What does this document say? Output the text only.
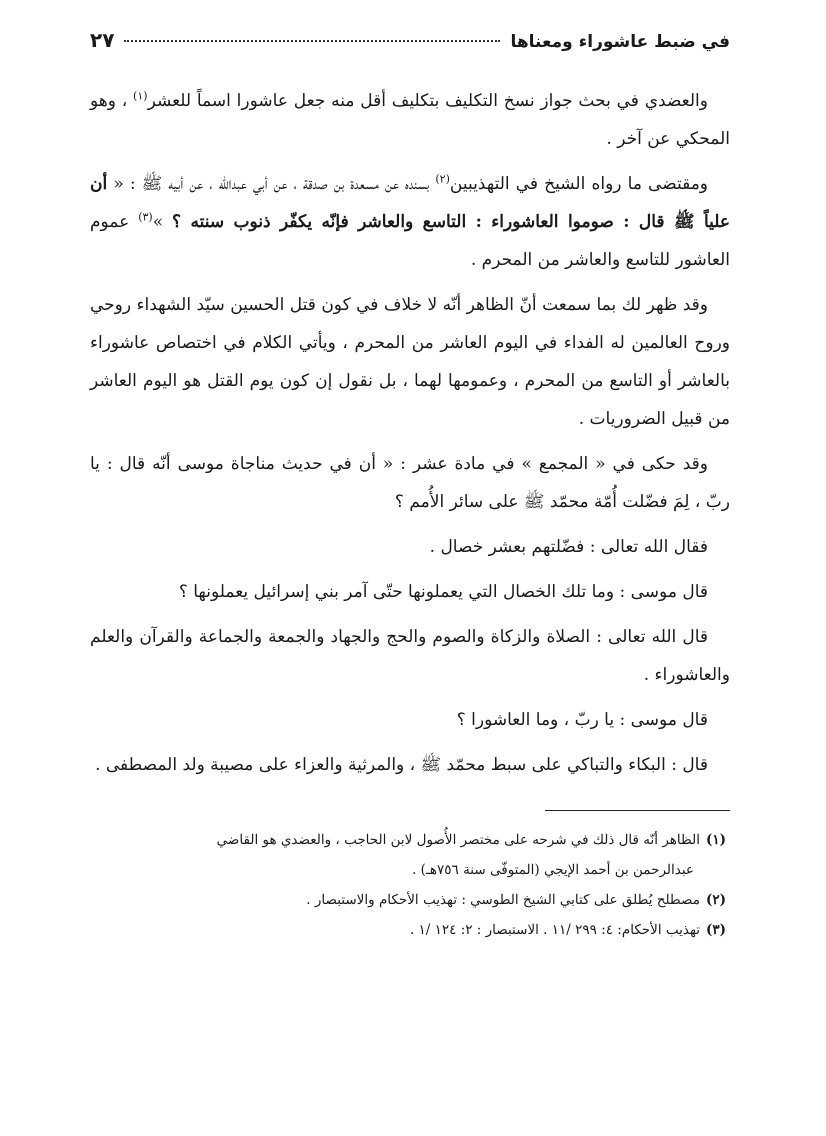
في ضبط عاشوراء ومعناها
٢٧

والعضدي في بحث جواز نسخ التكليف بتكليف أقل منه جعل عاشورا اسماً للعشر$^{(١)}$ ، وهو المحكي عن آخر .

ومقتضى ما رواه الشيخ في التهذيبين$^{(٢)}$ بسنده عن مسعدة بن صدقة ، عن أبي عبدالله ، عن أبيه ﷺ : « أن علياً ﷺ قال : صوموا العاشوراء : التاسع والعاشر فإنّه يكفّر ذنوب سنته ؟ »$^{(٣)}$ عموم العاشور للتاسع والعاشر من المحرم .

وقد ظهر لك بما سمعت أنّ الظاهر أنّه لا خلاف في كون قتل الحسين سيّد الشهداء روحي وروح العالمين له الفداء في اليوم العاشر من المحرم ، ويأتي الكلام في اختصاص عاشوراء بالعاشر أو التاسع من المحرم ، وعمومها لهما ، بل نقول إن كون يوم القتل هو اليوم العاشر من قبيل الضروريات .

وقد حكى في « المجمع » في مادة عشر : « أن في حديث مناجاة موسى أنّه قال : يا ربّ ، لِمَ فضّلت أُمّة محمّد ﷺ على سائر الأُمم ؟

فقال الله تعالى : فضّلتهم بعشر خصال .

قال موسى : وما تلك الخصال التي يعملونها حتّى آمر بني إسرائيل يعملونها ؟

قال الله تعالى : الصلاة والزكاة والصوم والحج والجهاد والجمعة والجماعة والقرآن والعلم والعاشوراء .

قال موسى : يا ربّ ، وما العاشورا ؟

قال : البكاء والتباكي على سبط محمّد ﷺ ، والمرثية والعزاء على مصيبة ولد المصطفى .

(١)الظاهر أنّه قال ذلك في شرحه على مختصر الأُصول لابن الحاجب ، والعضدي هو القاضي

عبدالرحمن بن أحمد الإيجي (المتوفّى سنة ٧٥٦هـ) .

(٢)مصطلح يُطلق على كتابي الشيخ الطوسي : تهذيب الأحكام والاستبصار .

(٣)تهذيب الأحكام: ٤: ٢٩٩ /١١ . الاستبصار : ٢: ١٢٤ /١ .
